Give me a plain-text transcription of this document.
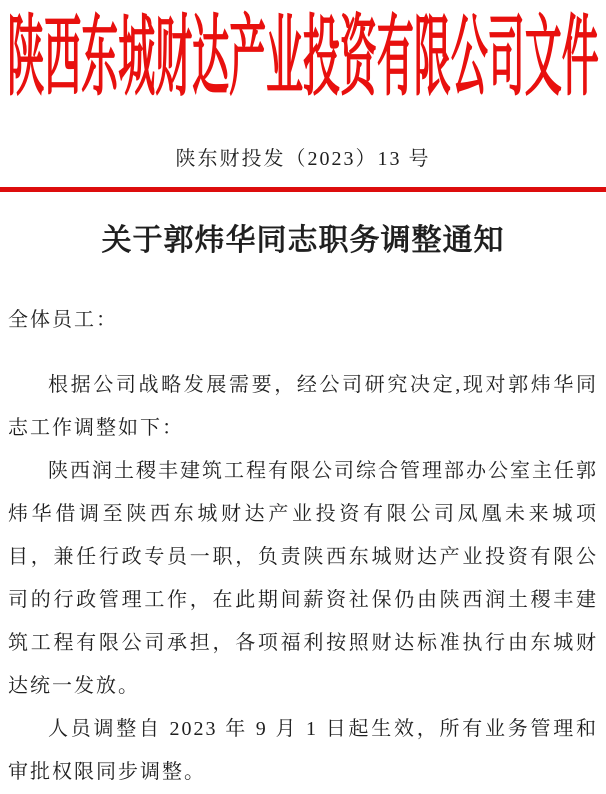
陕西东城财达产业投资有限公司文件
陕东财投发（2023）13 号
关于郭炜华同志职务调整通知

全体员工：

根据公司战略发展需要，经公司研究决定,现对郭炜华同志工作调整如下：

陕西润土稷丰建筑工程有限公司综合管理部办公室主任郭炜华借调至陕西东城财达产业投资有限公司凤凰未来城项目，兼任行政专员一职，负责陕西东城财达产业投资有限公司的行政管理工作，在此期间薪资社保仍由陕西润土稷丰建筑工程有限公司承担，各项福利按照财达标准执行由东城财达统一发放。

人员调整自 2023 年 9 月 1 日起生效，所有业务管理和审批权限同步调整。
